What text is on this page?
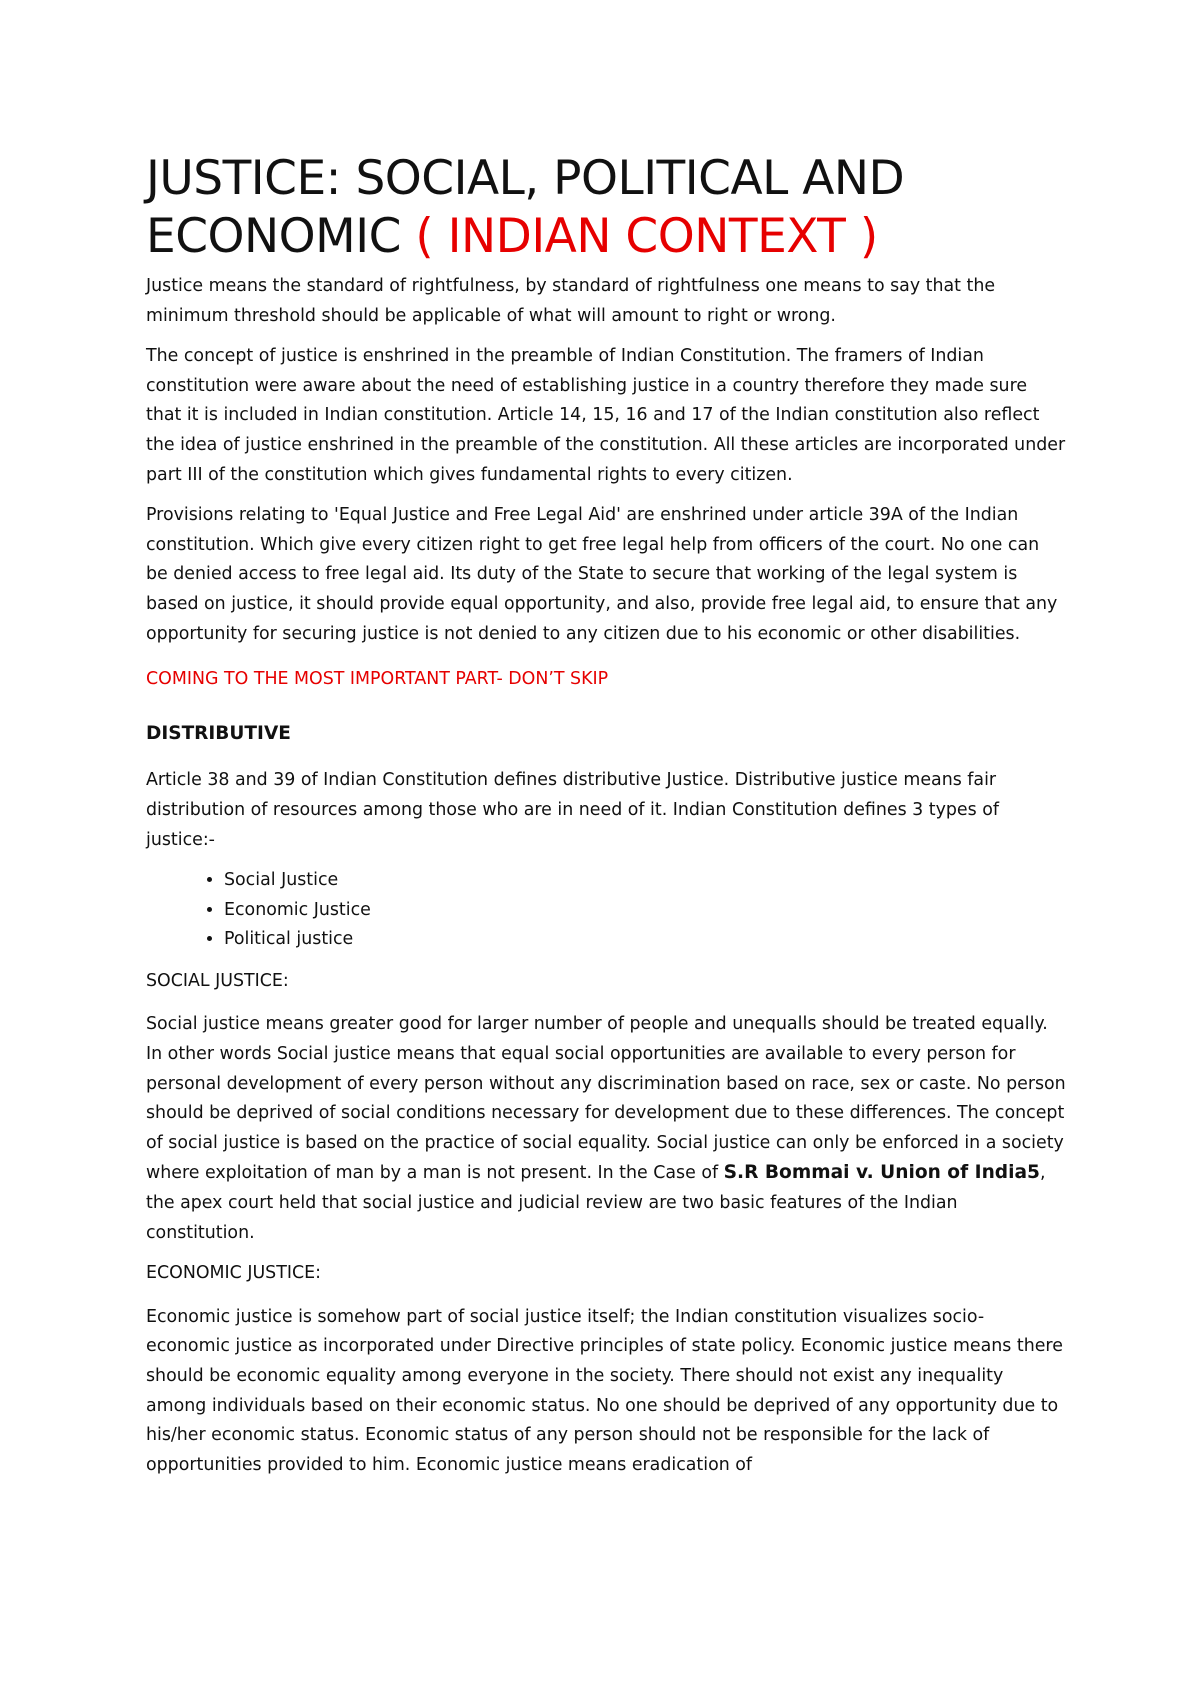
JUSTICE: SOCIAL, POLITICAL AND
ECONOMIC ( INDIAN CONTEXT )

Justice means the standard of rightfulness, by standard of rightfulness one means to say that the minimum threshold should be applicable of what will amount to right or wrong.

The concept of justice is enshrined in the preamble of Indian Constitution. The framers of Indian constitution were aware about the need of establishing justice in a country therefore they made sure that it is included in Indian constitution. Article 14, 15, 16 and 17 of the Indian constitution also reflect the idea of justice enshrined in the preamble of the constitution. All these articles are incorporated under part III of the constitution which gives fundamental rights to every citizen.

Provisions relating to 'Equal Justice and Free Legal Aid' are enshrined under article 39A of the Indian constitution. Which give every citizen right to get free legal help from officers of the court. No one can be denied access to free legal aid. Its duty of the State to secure that working of the legal system is based on justice, it should provide equal opportunity, and also, provide free legal aid, to ensure that any opportunity for securing justice is not denied to any citizen due to his economic or other disabilities.

COMING TO THE MOST IMPORTANT PART- DON’T SKIP

DISTRIBUTIVE

Article 38 and 39 of Indian Constitution defines distributive Justice. Distributive justice means fair distribution of resources among those who are in need of it. Indian Constitution defines 3 types of justice:-

• Social Justice
• Economic Justice
• Political justice

SOCIAL JUSTICE:

Social justice means greater good for larger number of people and unequalls should be treated equally. In other words Social justice means that equal social opportunities are available to every person for personal development of every person without any discrimination based on race, sex or caste. No person should be deprived of social conditions necessary for development due to these differences. The concept of social justice is based on the practice of social equality. Social justice can only be enforced in a society where exploitation of man by a man is not present. In the Case of S.R Bommai v. Union of India5, the apex court held that social justice and judicial review are two basic features of the Indian constitution.

ECONOMIC JUSTICE:

Economic justice is somehow part of social justice itself; the Indian constitution visualizes socio-economic justice as incorporated under Directive principles of state policy. Economic justice means there should be economic equality among everyone in the society. There should not exist any inequality among individuals based on their economic status. No one should be deprived of any opportunity due to his/her economic status. Economic status of any person should not be responsible for the lack of opportunities provided to him. Economic justice means eradication of
